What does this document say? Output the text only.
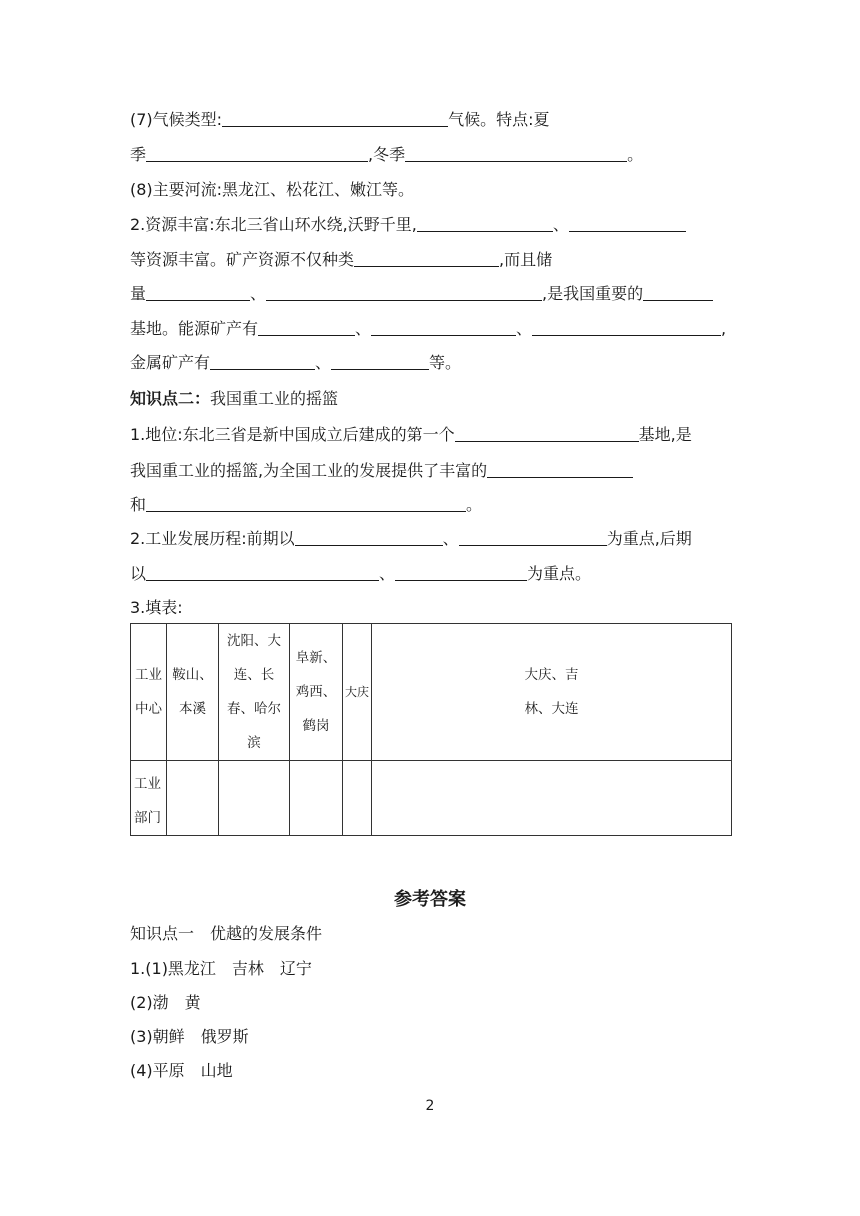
(7)气候类型:	气候。特点:夏
季	,冬季	。
(8)主要河流:黑龙江、松花江、嫩江等。
2.资源丰富:东北三省山环水绕,沃野千里,	、
等资源丰富。矿产资源不仅种类	,而且储
量	、	,是我国重要的
基地。能源矿产有	、	、	,
金属矿产有	、	等。
知识点二：我国重工业的摇篮
1.地位:东北三省是新中国成立后建成的第一个	基地,是
我国重工业的摇篮,为全国工业的发展提供了丰富的
和	。
2.工业发展历程:前期以	、	为重点,后期
以	、	为重点。
3.填表:
工业中心	鞍山、本溪	沈阳、大连、长春、哈尔滨	阜新、鸡西、鹤岗	大庆	大庆、吉林、大连
工业部门					
参考答案
知识点一　优越的发展条件
1.(1)黑龙江　吉林　辽宁
(2)渤　黄
(3)朝鲜　俄罗斯
(4)平原　山地
2
